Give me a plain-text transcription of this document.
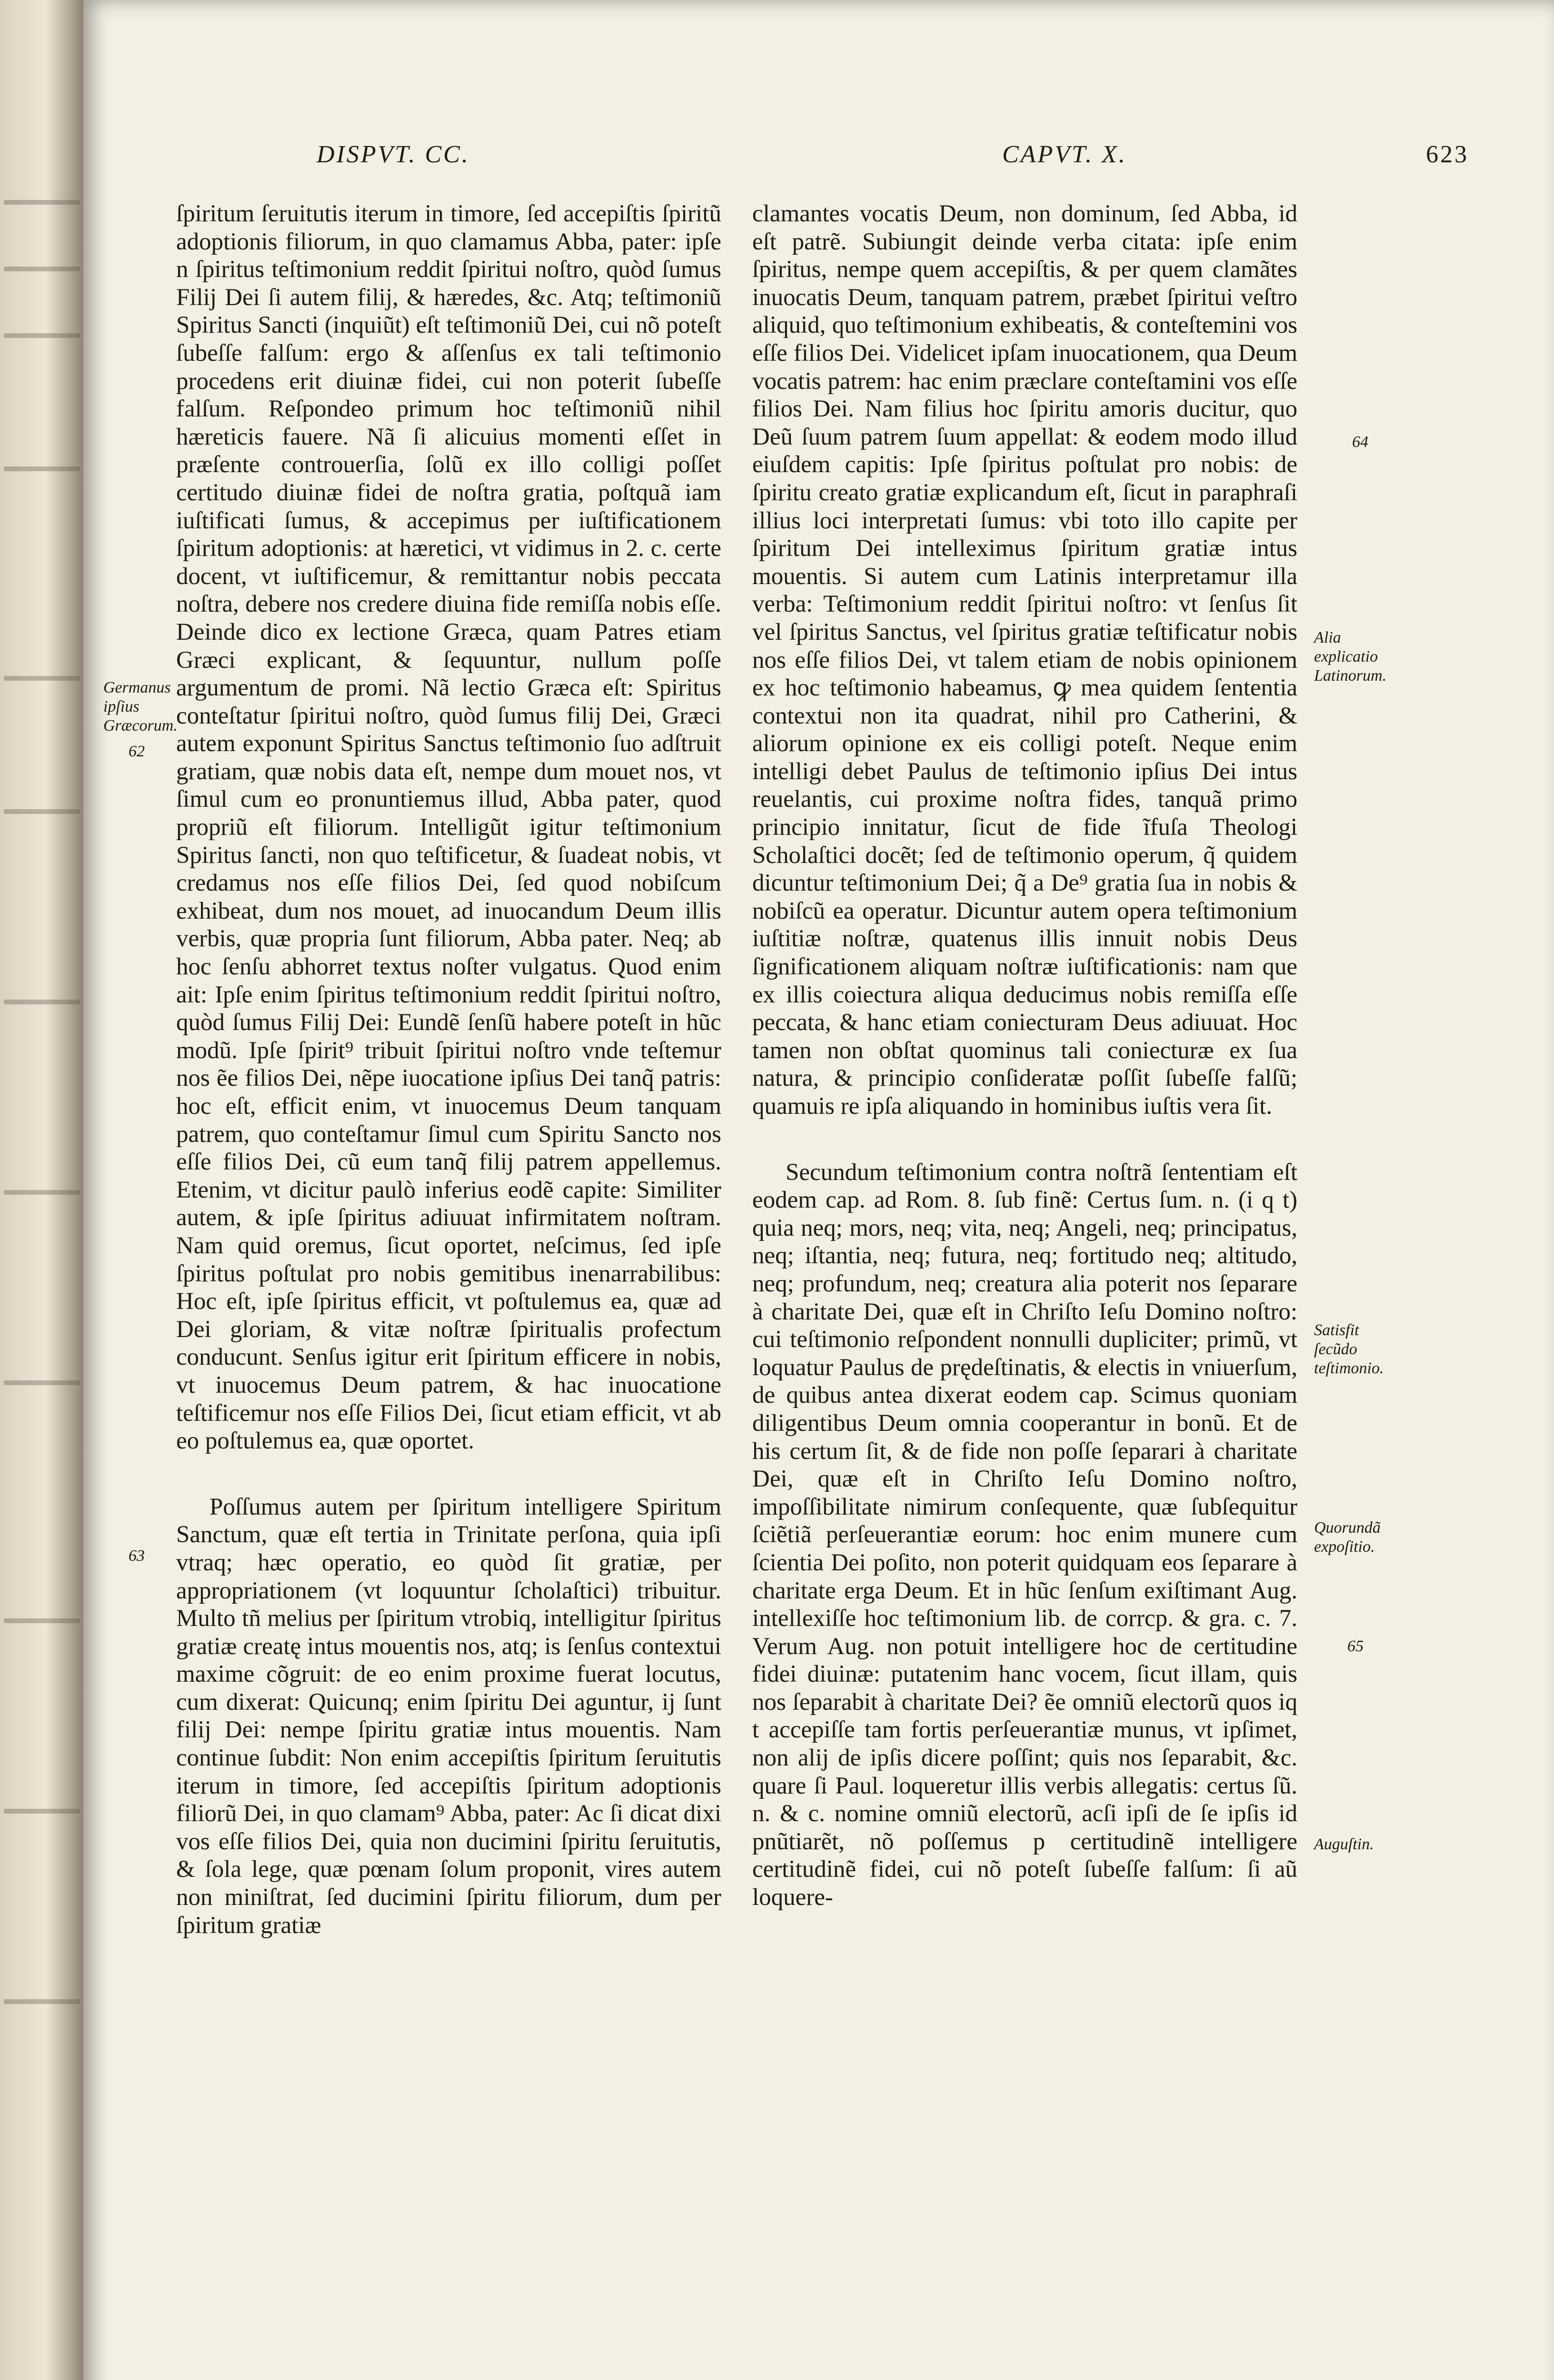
DISPVT. CC.	CAPVT. X.	623

ſpiritum ſeruitutis iterum in timore, ſed accepiſtis ſpiritũ adoptionis filiorum, in quo clamamus Abba, pater: ipſe n ſpiritus teſtimonium reddit ſpiritui noſtro, quòd ſumus Filij Dei ſi autem filij, & hæredes, &c. Atq; teſtimoniũ Spiritus Sancti (inquiũt) eſt teſtimoniũ Dei, cui nõ poteſt ſubeſſe falſum: ergo & aſſenſus ex tali teſtimonio procedens erit diuinæ fidei, cui non poterit ſubeſſe falſum. Reſpondeo primum hoc teſtimoniũ nihil hæreticis fauere. Nã ſi alicuius momenti eſſet in præſente controuerſia, ſolũ ex illo colligi poſſet certitudo diuinæ fidei de noſtra gratia, poſtquã iam iuſtificati ſumus, & accepimus per iuſtificationem ſpiritum adoptionis: at hæretici, vt vidimus in 2. c. certe docent, vt iuſtificemur, & remittantur nobis peccata noſtra, debere nos credere diuina fide remiſſa nobis eſſe. Deinde dico ex lectione Græca, quam Patres etiam Græci explicant, & ſequuntur, nullum poſſe argumentum de promi. Nã lectio Græca eſt: Spiritus conteſtatur ſpiritui noſtro, quòd ſumus filij Dei, Græci autem exponunt Spiritus Sanctus teſtimonio ſuo adſtruit gratiam, quæ nobis data eſt, nempe dum mouet nos, vt ſimul cum eo pronuntiemus illud, Abba pater, quod propriũ eſt filiorum. Intelligũt igitur teſtimonium Spiritus ſancti, non quo teſtificetur, & ſuadeat nobis, vt credamus nos eſſe filios Dei, ſed quod nobiſcum exhibeat, dum nos mouet, ad inuocandum Deum illis verbis, quæ propria ſunt filiorum, Abba pater. Neq; ab hoc ſenſu abhorret textus noſter vulgatus. Quod enim ait: Ipſe enim ſpiritus teſtimonium reddit ſpiritui noſtro, quòd ſumus Filij Dei: Eundẽ ſenſũ habere poteſt in hũc modũ. Ipſe ſpirit⁹ tribuit ſpiritui noſtro vnde teſtemur nos ẽe filios Dei, nẽpe iuocatione ipſius Dei tanq̃ patris: hoc eſt, efficit enim, vt inuocemus Deum tanquam patrem, quo conteſtamur ſimul cum Spiritu Sancto nos eſſe filios Dei, cũ eum tanq̃ filij patrem appellemus. Etenim, vt dicitur paulò inferius eodẽ capite: Similiter autem, & ipſe ſpiritus adiuuat infirmitatem noſtram. Nam quid oremus, ſicut oportet, neſcimus, ſed ipſe ſpiritus poſtulat pro nobis gemitibus inenarrabilibus: Hoc eſt, ipſe ſpiritus efficit, vt poſtulemus ea, quæ ad Dei gloriam, & vitæ noſtræ ſpiritualis profectum conducunt. Senſus igitur erit ſpiritum efficere in nobis, vt inuocemus Deum patrem, & hac inuocatione teſtificemur nos eſſe Filios Dei, ſicut etiam efficit, vt ab eo poſtulemus ea, quæ oportet.

Poſſumus autem per ſpiritum intelligere Spiritum Sanctum, quæ eſt tertia in Trinitate perſona, quia ipſi vtraq; hæc operatio, eo quòd ſit gratiæ, per appropriationem (vt loquuntur ſcholaſtici) tribuitur. Multo tñ melius per ſpiritum vtrobiq, intelligitur ſpiritus gratiæ creatę intus mouentis nos, atq; is ſenſus contextui maxime cõgruit: de eo enim proxime fuerat locutus, cum dixerat: Quicunq; enim ſpiritu Dei aguntur, ij ſunt filij Dei: nempe ſpiritu gratiæ intus mouentis. Nam continue ſubdit: Non enim accepiſtis ſpiritum ſeruitutis iterum in timore, ſed accepiſtis ſpiritum adoptionis filiorũ Dei, in quo clamam⁹ Abba, pater: Ac ſi dicat dixi vos eſſe filios Dei, quia non ducimini ſpiritu ſeruitutis, & ſola lege, quæ pœnam ſolum proponit, vires autem non miniſtrat, ſed ducimini ſpiritu filiorum, dum per ſpiritum gratiæ

clamantes vocatis Deum, non dominum, ſed Abba, id eſt patrẽ. Subiungit deinde verba citata: ipſe enim ſpiritus, nempe quem accepiſtis, & per quem clamãtes inuocatis Deum, tanquam patrem, præbet ſpiritui veſtro aliquid, quo teſtimonium exhibeatis, & conteſtemini vos eſſe filios Dei. Videlicet ipſam inuocationem, qua Deum vocatis patrem: hac enim præclare conteſtamini vos eſſe filios Dei. Nam filius hoc ſpiritu amoris ducitur, quo Deũ ſuum patrem ſuum appellat: & eodem modo illud eiuſdem capitis: Ipſe ſpiritus poſtulat pro nobis: de ſpiritu creato gratiæ explicandum eſt, ſicut in paraphraſi illius loci interpretati ſumus: vbi toto illo capite per ſpiritum Dei intelleximus ſpiritum gratiæ intus mouentis. Si autem cum Latinis interpretamur illa verba: Teſtimonium reddit ſpiritui noſtro: vt ſenſus ſit vel ſpiritus Sanctus, vel ſpiritus gratiæ teſtificatur nobis nos eſſe filios Dei, vt talem etiam de nobis opinionem ex hoc teſtimonio habeamus, ꝙ mea quidem ſententia contextui non ita quadrat, nihil pro Catherini, & aliorum opinione ex eis colligi poteſt. Neque enim intelligi debet Paulus de teſtimonio ipſius Dei intus reuelantis, cui proxime noſtra fides, tanquã primo principio innitatur, ſicut de fide ĩfuſa Theologi Scholaſtici docẽt; ſed de teſtimonio operum, q̃ quidem dicuntur teſtimonium Dei; q̃ a De⁹ gratia ſua in nobis & nobiſcũ ea operatur. Dicuntur autem opera teſtimonium iuſtitiæ noſtræ, quatenus illis innuit nobis Deus ſignificationem aliquam noſtræ iuſtificationis: nam que ex illis coiectura aliqua deducimus nobis remiſſa eſſe peccata, & hanc etiam coniecturam Deus adiuuat. Hoc tamen non obſtat quominus tali coniecturæ ex ſua natura, & principio conſideratæ poſſit ſubeſſe falſũ; quamuis re ipſa aliquando in hominibus iuſtis vera ſit.

Secundum teſtimonium contra noſtrã ſententiam eſt eodem cap. ad Rom. 8. ſub finẽ: Certus ſum. n. (i q t) quia neq; mors, neq; vita, neq; Angeli, neq; principatus, neq; iſtantia, neq; futura, neq; fortitudo neq; altitudo, neq; profundum, neq; creatura alia poterit nos ſeparare à charitate Dei, quæ eſt in Chriſto Ieſu Domino noſtro: cui teſtimonio reſpondent nonnulli dupliciter; primũ, vt loquatur Paulus de prędeſtinatis, & electis in vniuerſum, de quibus antea dixerat eodem cap. Scimus quoniam diligentibus Deum omnia cooperantur in bonũ. Et de his certum ſit, & de fide non poſſe ſeparari à charitate Dei, quæ eſt in Chriſto Ieſu Domino noſtro, impoſſibilitate nimirum conſequente, quæ ſubſequitur ſciẽtiã perſeuerantiæ eorum: hoc enim munere cum ſcientia Dei poſito, non poterit quidquam eos ſeparare à charitate erga Deum. Et in hũc ſenſum exiſtimant Aug. intellexiſſe hoc teſtimonium lib. de corrcp. & gra. c. 7. Verum Aug. non potuit intelligere hoc de certitudine fidei diuinæ: putatenim hanc vocem, ſicut illam, quis nos ſeparabit à charitate Dei? ẽe omniũ electorũ quos iq t accepiſſe tam fortis perſeuerantiæ munus, vt ipſimet, non alij de ipſis dicere poſſint; quis nos ſeparabit, &c. quare ſi Paul. loqueretur illis verbis allegatis: certus ſũ. n. & c. nomine omniũ electorũ, acſi ipſi de ſe ipſis id pnũtiarẽt, nõ poſſemus p certitudinẽ intelligere certitudinẽ fidei, cui nõ poteſt ſubeſſe falſum: ſi aũ loquere-

Germanus ipſius Græcorum.
62
63
64
Alia explicatio Latinorum.
Satisfit ſecũdo teſtimonio.
Quorundã expoſitio.
65
Auguſtin.
